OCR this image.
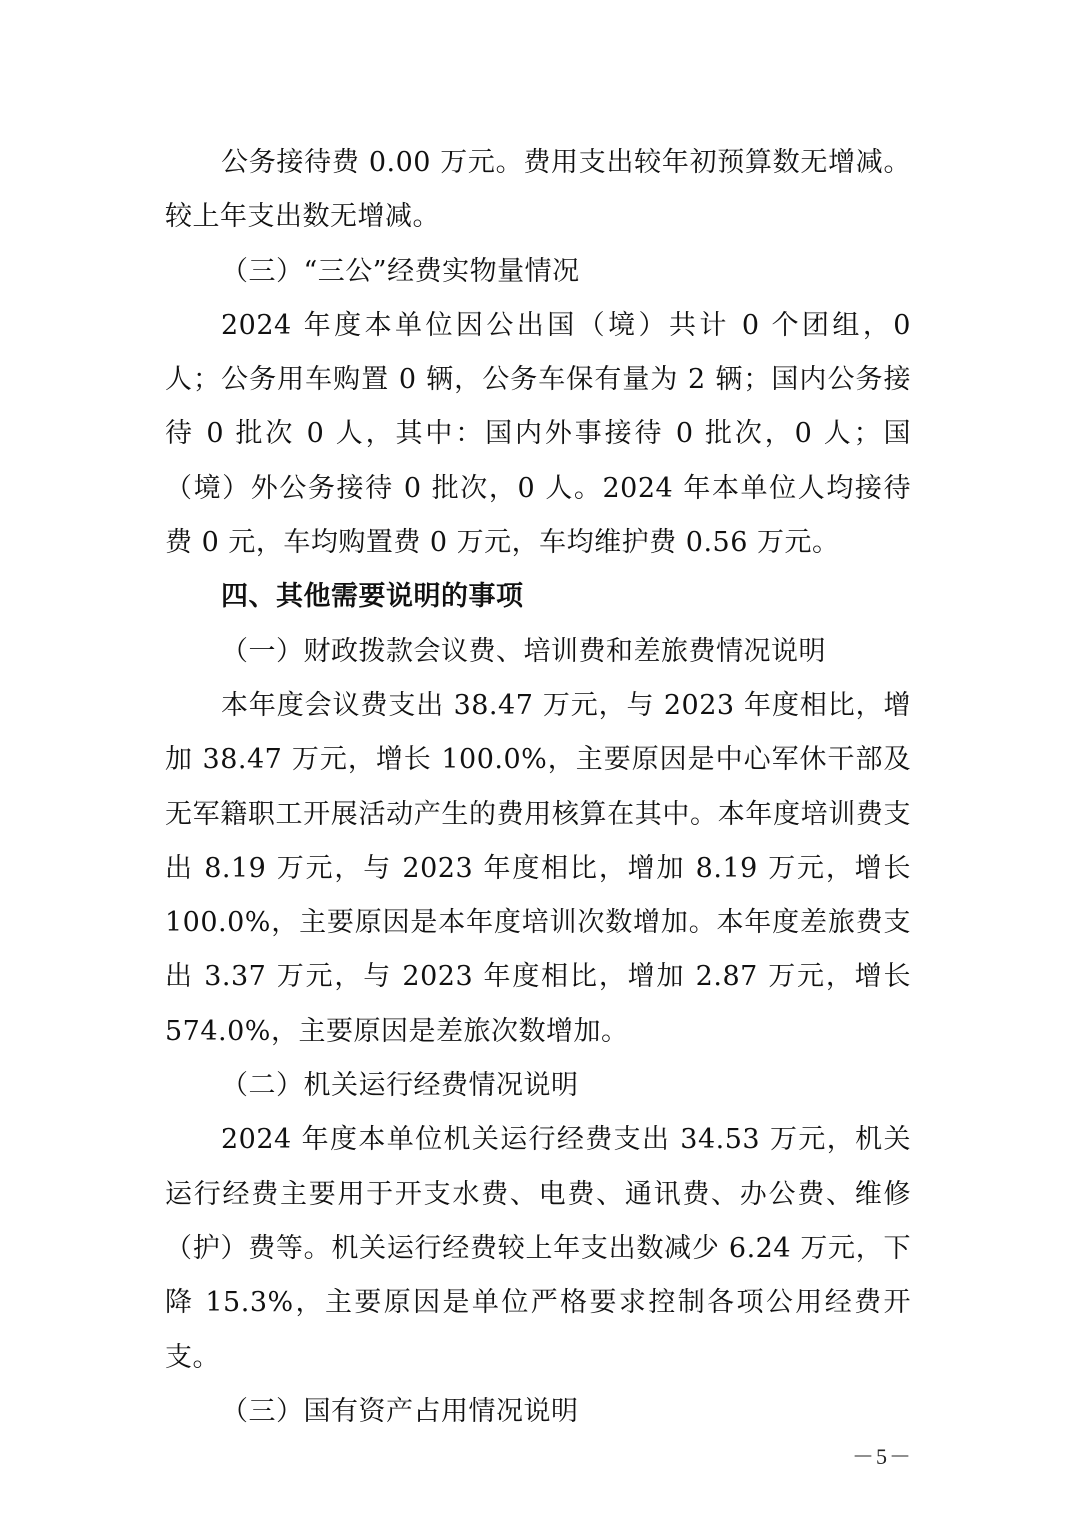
公务接待费 0.00 万元。费用支出较年初预算数无增减。较上年支出数无增减。

（三）“三公”经费实物量情况

2024 年度本单位因公出国（境）共计 0 个团组，0 人；公务用车购置 0 辆，公务车保有量为 2 辆；国内公务接待 0 批次 0 人，其中：国内外事接待 0 批次，0 人；国（境）外公务接待 0 批次，0 人。2024 年本单位人均接待费 0 元，车均购置费 0 万元，车均维护费 0.56 万元。

四、其他需要说明的事项

（一）财政拨款会议费、培训费和差旅费情况说明

本年度会议费支出 38.47 万元，与 2023 年度相比，增加 38.47 万元，增长 100.0%，主要原因是中心军休干部及无军籍职工开展活动产生的费用核算在其中。本年度培训费支出 8.19 万元，与 2023 年度相比，增加 8.19 万元，增长 100.0%，主要原因是本年度培训次数增加。本年度差旅费支出 3.37 万元，与 2023 年度相比，增加 2.87 万元，增长 574.0%，主要原因是差旅次数增加。

（二）机关运行经费情况说明

2024 年度本单位机关运行经费支出 34.53 万元，机关运行经费主要用于开支水费、电费、通讯费、办公费、维修（护）费等。机关运行经费较上年支出数减少 6.24 万元，下降 15.3%，主要原因是单位严格要求控制各项公用经费开支。

（三）国有资产占用情况说明

－5－
